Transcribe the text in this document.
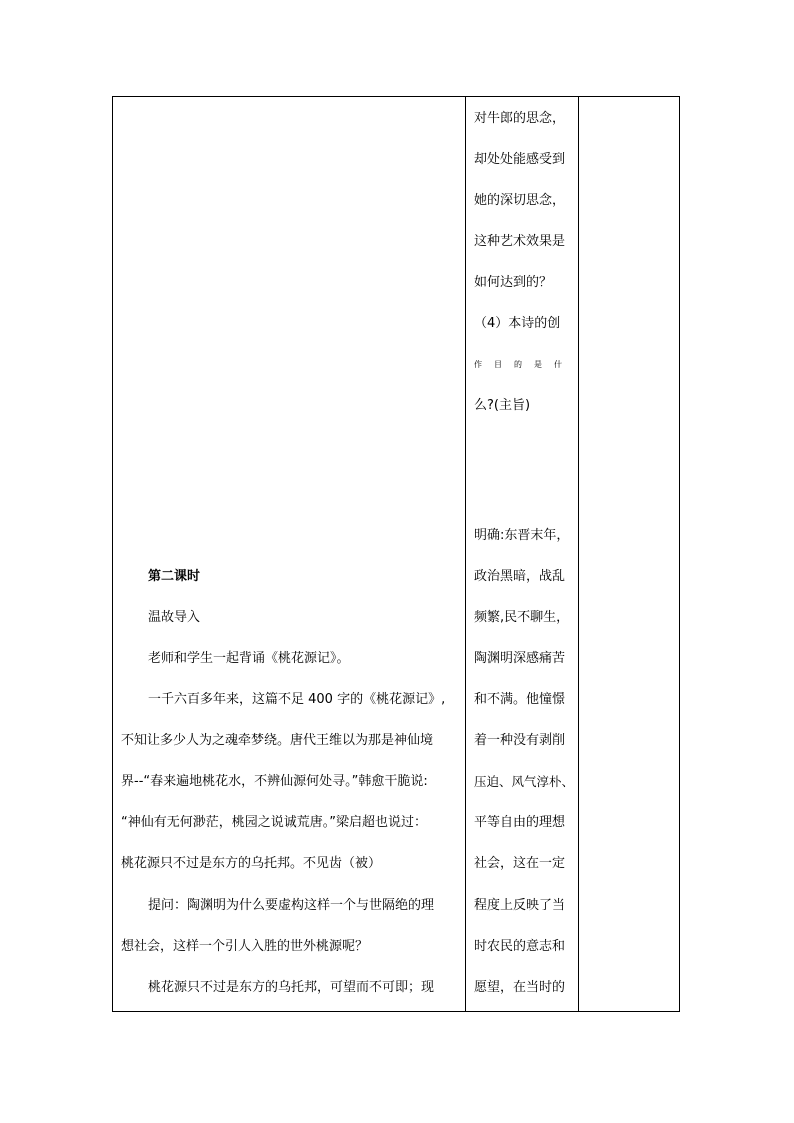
第二课时
温故导入
老师和学生一起背诵《桃花源记》。
一千六百多年来，这篇不足 400 字的《桃花源记》,
不知让多少人为之魂牵梦绕。唐代王维以为那是神仙境
界--“春来遍地桃花水，不辨仙源何处寻。”韩愈干脆说:
“神仙有无何渺茫，桃园之说诚荒唐。”梁启超也说过：
桃花源只不过是东方的乌托邦。不见齿（被）
提问：陶渊明为什么要虚构这样一个与世隔绝的理
想社会，这样一个引人入胜的世外桃源呢？
桃花源只不过是东方的乌托邦，可望而不可即；现
对牛郎的思念，
却处处能感受到
她的深切思念，
这种艺术效果是
如何达到的？
（4）本诗的创
作目的是什
么?(主旨)
明确:东晋末年，
政治黑暗，战乱
频繁,民不聊生，
陶渊明深感痛苦
和不满。他憧憬
着一种没有剥削
压迫、风气淳朴、
平等自由的理想
社会，这在一定
程度上反映了当
时农民的意志和
愿望，在当时的
